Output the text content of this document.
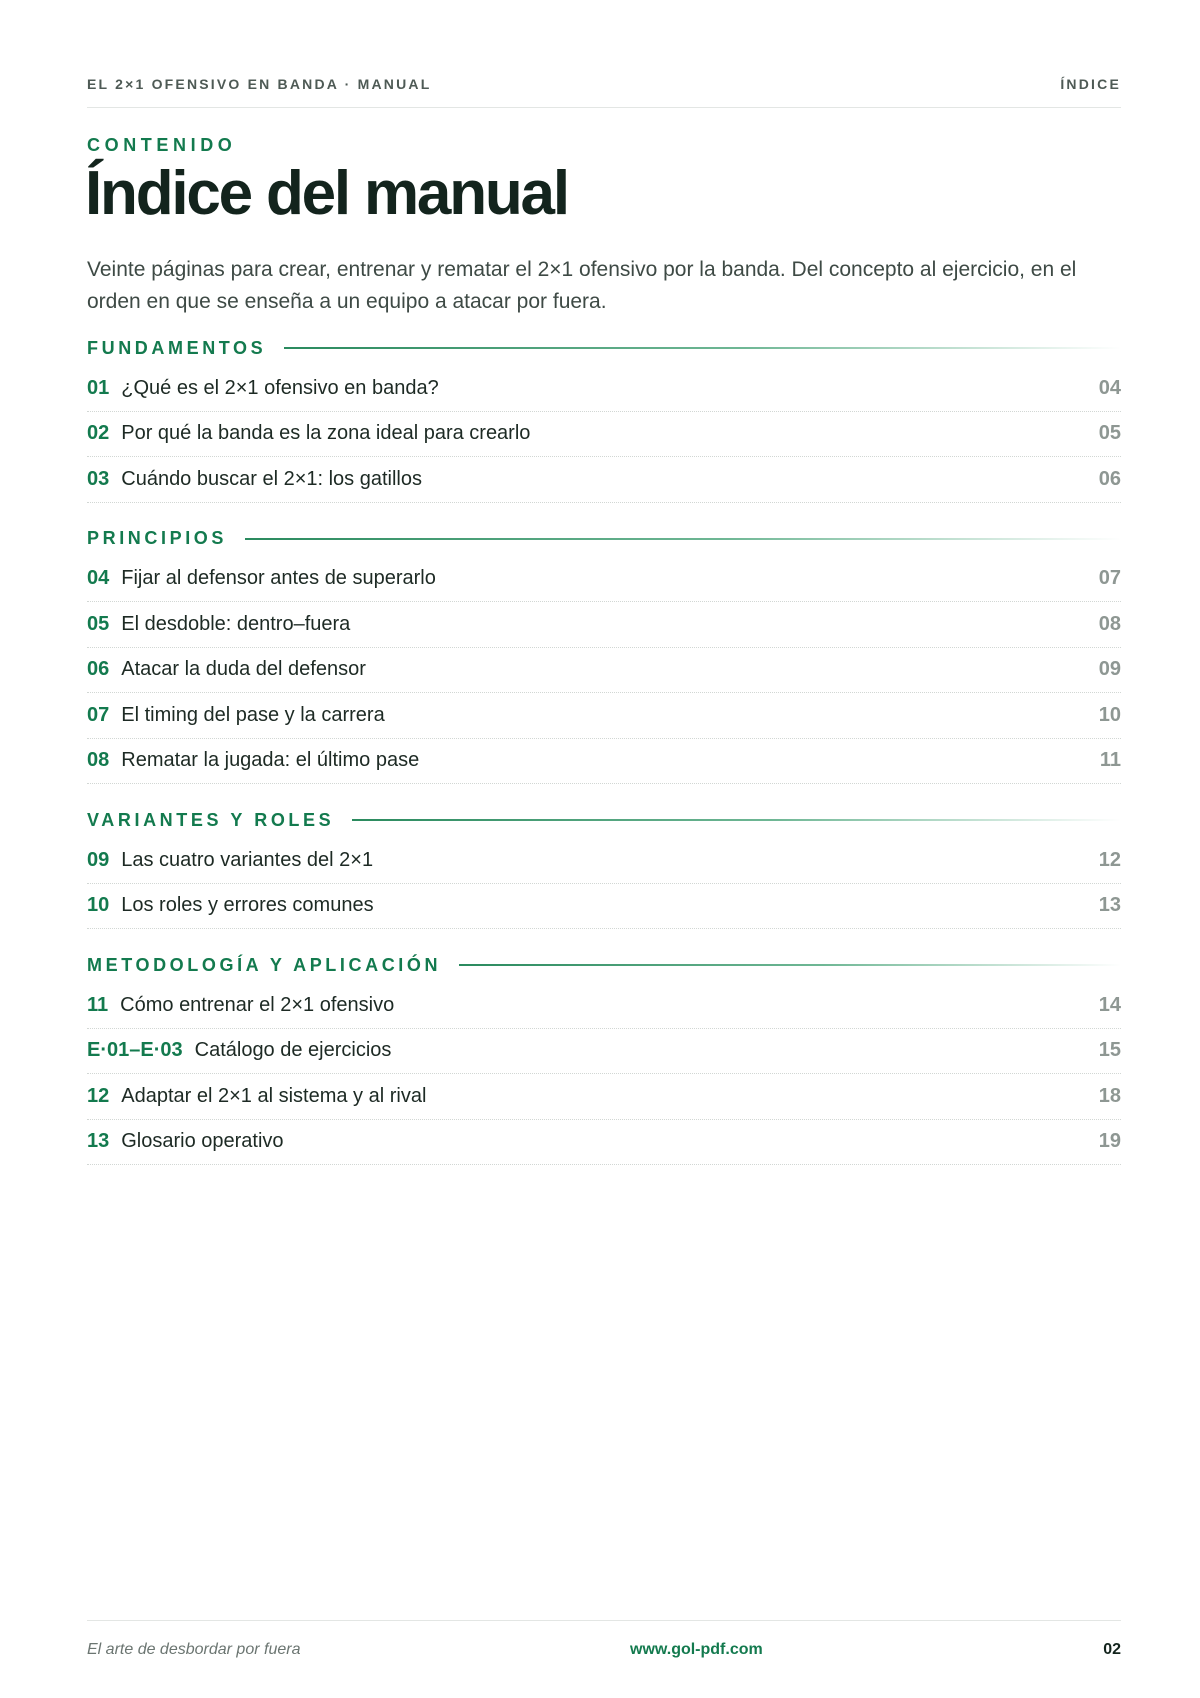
EL 2×1 OFENSIVO EN BANDA · MANUAL	ÍNDICE
CONTENIDO
Índice del manual

Veinte páginas para crear, entrenar y rematar el 2×1 ofensivo por la banda. Del concepto al ejercicio, en el orden en que se enseña a un equipo a atacar por fuera.

FUNDAMENTOS
01 ¿Qué es el 2×1 ofensivo en banda?	04
02 Por qué la banda es la zona ideal para crearlo	05
03 Cuándo buscar el 2×1: los gatillos	06
PRINCIPIOS
04 Fijar al defensor antes de superarlo	07
05 El desdoble: dentro–fuera	08
06 Atacar la duda del defensor	09
07 El timing del pase y la carrera	10
08 Rematar la jugada: el último pase	11
VARIANTES Y ROLES
09 Las cuatro variantes del 2×1	12
10 Los roles y errores comunes	13
METODOLOGÍA Y APLICACIÓN
11 Cómo entrenar el 2×1 ofensivo	14
E·01–E·03 Catálogo de ejercicios	15
12 Adaptar el 2×1 al sistema y al rival	18
13 Glosario operativo	19
El arte de desbordar por fuera	www.gol-pdf.com	02
